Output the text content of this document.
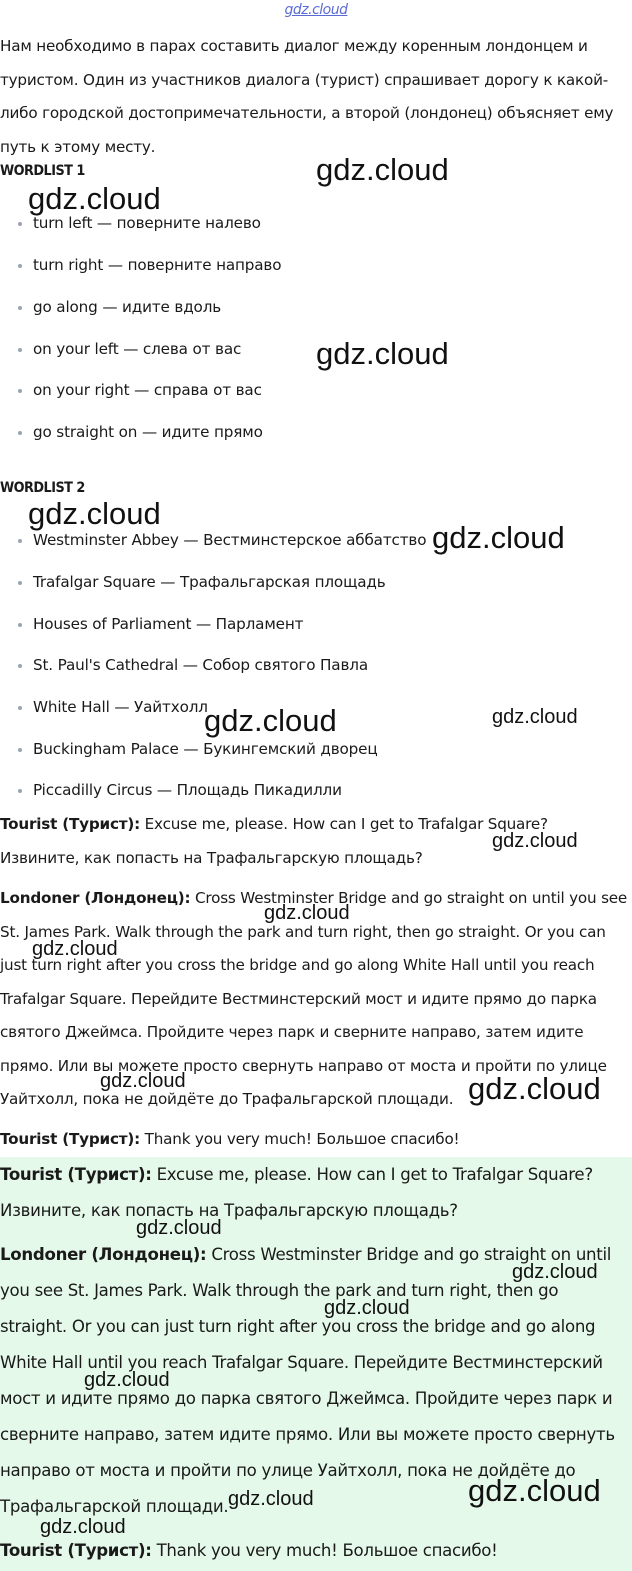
gdz.cloud
Нам необходимо в парах составить диалог между коренным лондонцем и туристом. Один из участников диалога (турист) спрашивает дорогу к какой-либо городской достопримечательности, а второй (лондонец) объясняет ему путь к этому месту.
WORDLIST 1
turn left — поверните налево
turn right — поверните направо
go along — идите вдоль
on your left — слева от вас
on your right — справа от вас
go straight on — идите прямо
WORDLIST 2
Westminster Abbey — Вестминстерское аббатство
Trafalgar Square — Трафальгарская площадь
Houses of Parliament — Парламент
St. Paul's Cathedral — Собор святого Павла
White Hall — Уайтхолл
Buckingham Palace — Букингемский дворец
Piccadilly Circus — Площадь Пикадилли
Tourist (Турист): Excuse me, please. How can I get to Trafalgar Square? Извините, как попасть на Трафальгарскую площадь?
Londoner (Лондонец): Cross Westminster Bridge and go straight on until you see St. James Park. Walk through the park and turn right, then go straight. Or you can just turn right after you cross the bridge and go along White Hall until you reach Trafalgar Square. Перейдите Вестминстерский мост и идите прямо до парка святого Джеймса. Пройдите через парк и сверните направо, затем идите прямо. Или вы можете просто свернуть направо от моста и пройти по улице Уайтхолл, пока не дойдёте до Трафальгарской площади.
Tourist (Турист): Thank you very much! Большое спасибо!
Tourist (Турист): Excuse me, please. How can I get to Trafalgar Square? Извините, как попасть на Трафальгарскую площадь?
Londoner (Лондонец): Cross Westminster Bridge and go straight on until you see St. James Park. Walk through the park and turn right, then go straight. Or you can just turn right after you cross the bridge and go along White Hall until you reach Trafalgar Square. Перейдите Вестминстерский мост и идите прямо до парка святого Джеймса. Пройдите через парк и сверните направо, затем идите прямо. Или вы можете просто свернуть направо от моста и пройти по улице Уайтхолл, пока не дойдёте до Трафальгарской площади.
Tourist (Турист): Thank you very much! Большое спасибо!
gdz.cloud
gdz.cloud
gdz.cloud
gdz.cloud
gdz.cloud
gdz.cloud	gdz.cloud
gdz.cloud
gdz.cloud
gdz.cloud
gdz.cloud	gdz.cloud
gdz.cloud
gdz.cloud
gdz.cloud
gdz.cloud
gdz.cloud	gdz.cloud
gdz.cloud
